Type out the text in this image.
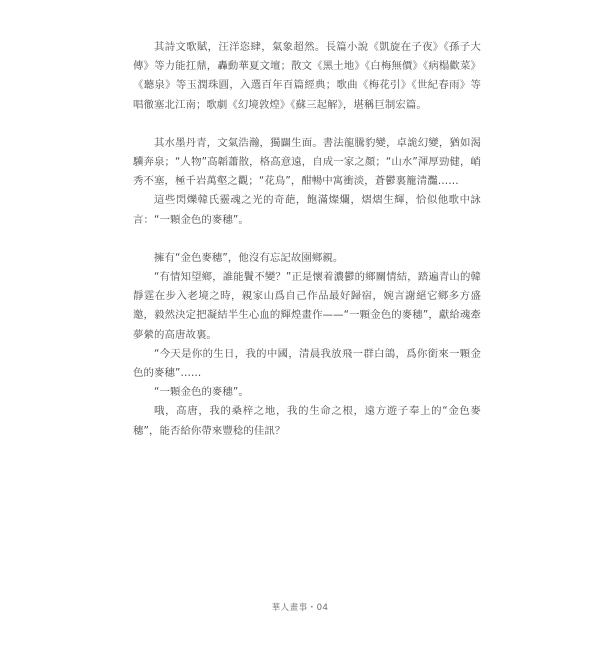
其詩文歌賦，汪洋恣肆，氣象超然。長篇小說《凱旋在子夜》《孫子大傳》等力能扛鼎，轟動華夏文壇；散文《黑土地》《白梅無價》《病榻歡菜》《聽泉》等玉潤珠圓，入選百年百篇經典；歌曲《梅花引》《世紀春雨》等唱徹塞北江南；歌劇《幻境敦煌》《蘇三起解》，堪稱巨制宏篇。

其水墨丹青，文氣浩瀚，獨闢生面。書法龍騰豹變，卓詭幻變，猶如渴驥奔泉；“人物”高韜蕭散，格高意遠，自成一家之顏；“山水”渾厚勁健，峭秀不塞，極千岩萬壑之觀；“花鳥”，酣暢中寓衝淡，蒼鬱裏籠清灩……

這些閃爍韓氏靈魂之光的奇葩，飽滿燦爛，熠熠生輝，恰似他歌中詠言：“一顆金色的麥穗”。

擁有“金色麥穗”，他沒有忘記故園鄉親。

“有情知望鄉，誰能鬢不變？”正是懷着濃鬱的鄉關情結，踏遍青山的韓靜霆在步入老境之時，親家山爲自己作品最好歸宿，婉言謝絕它鄉多方盛邀，毅然決定把凝結半生心血的輝煌畫作——“一顆金色的麥穗”，獻給魂牽夢縈的高唐故裏。

“今天是你的生日，我的中國，清晨我放飛一群白鴿，爲你銜來一顆金色的麥穗”……

“一顆金色的麥穗”。

哦，高唐，我的桑梓之地，我的生命之根，遠方遊子奉上的“金色麥穗”，能否給你帶來豐稔的佳訊？

華人畫事・04
